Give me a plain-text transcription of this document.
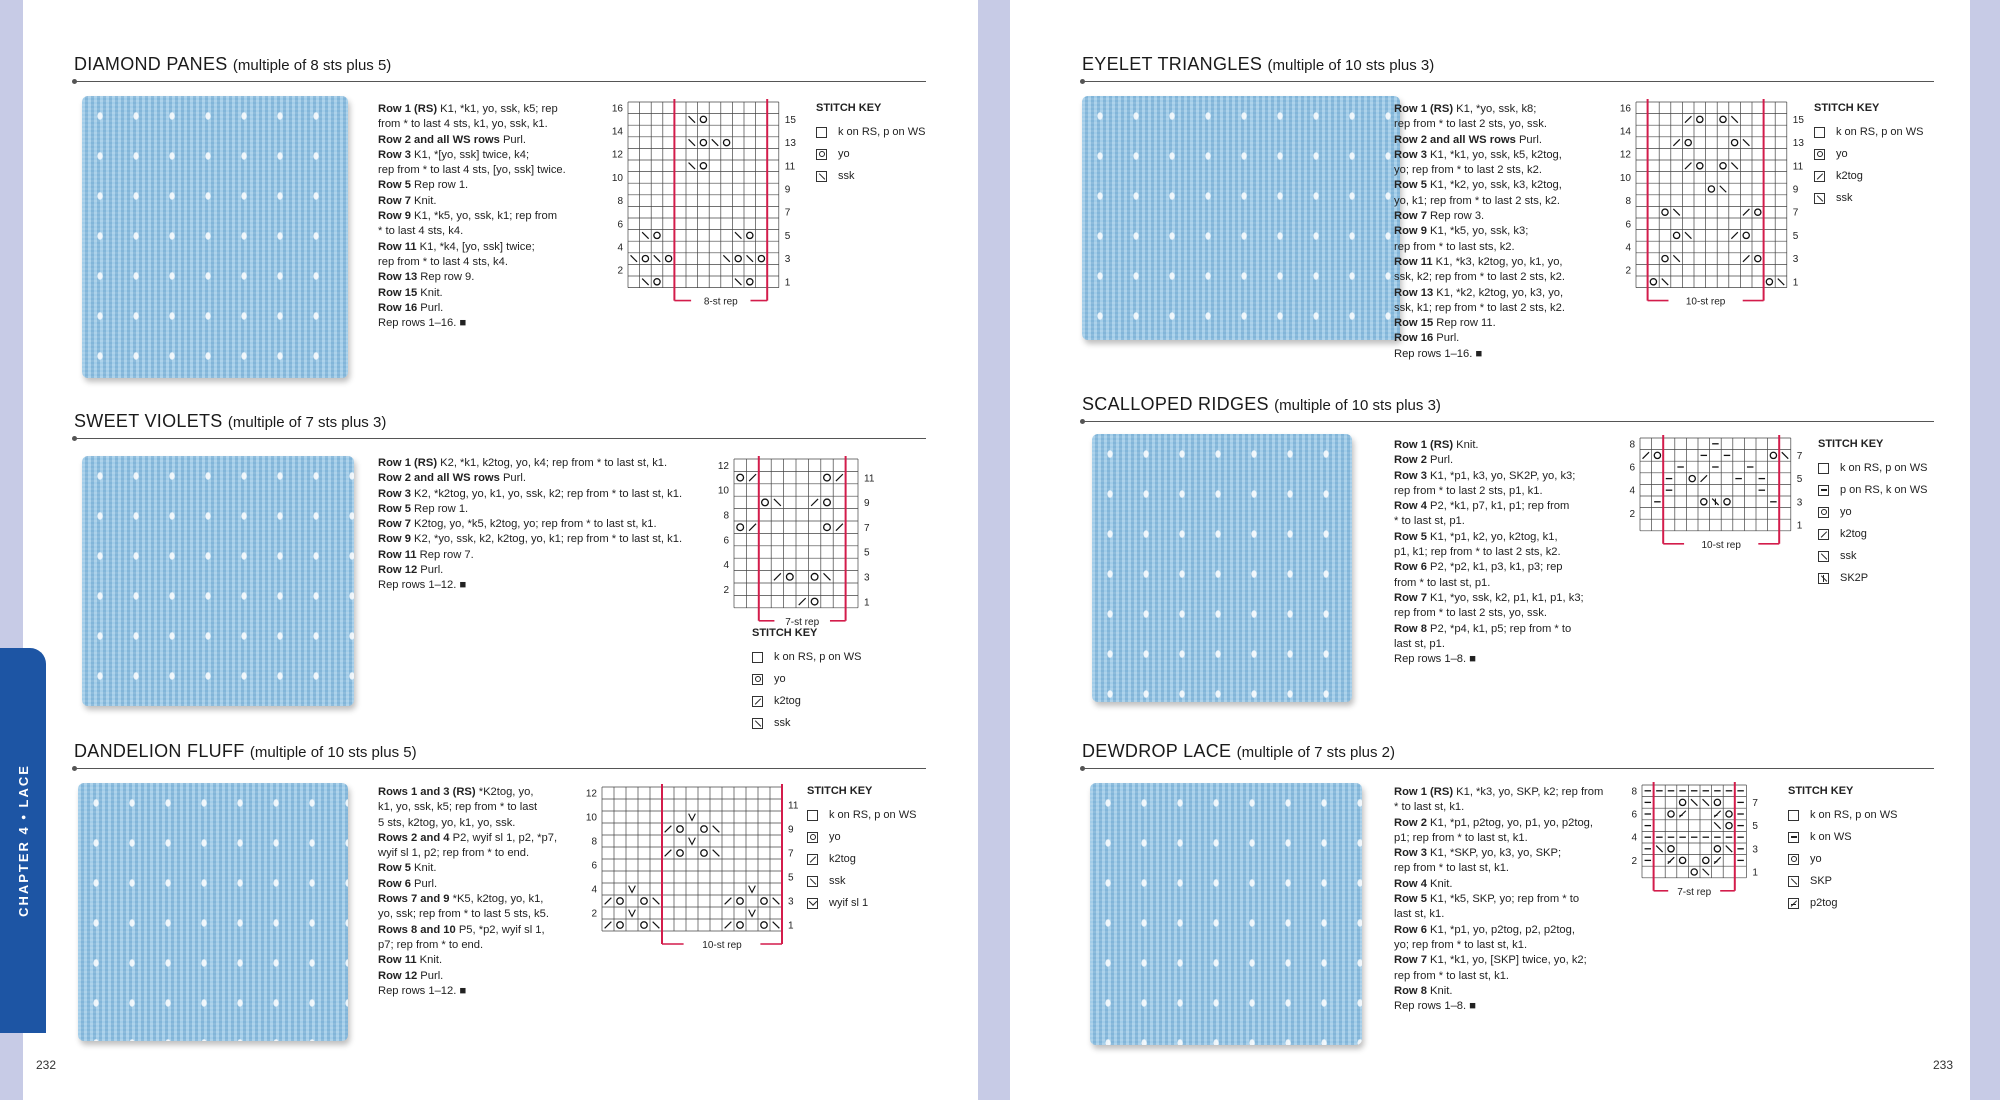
CHAPTER 4 • LACE
232	233
DIAMOND PANES (multiple of 8 sts plus 5)

Row 1 (RS) K1, *k1, yo, ssk, k5; rep

from * to last 4 sts, k1, yo, ssk, k1.

Row 2 and all WS rows Purl.

Row 3 K1, *[yo, ssk] twice, k4;

rep from * to last 4 sts, [yo, ssk] twice.

Row 5 Rep row 1.

Row 7 Knit.

Row 9 K1, *k5, yo, ssk, k1; rep from

* to last 4 sts, k4.

Row 11 K1, *k4, [yo, ssk] twice;

rep from * to last 4 sts, k4.

Row 13 Rep row 9.

Row 15 Knit.

Row 16 Purl.

Rep rows 1–16. ■

8-st rep
16
14
12
10
8
6
4
2
15
13
11
9
7
5
3
1
STITCH KEY
k on RS, p on WS
yo
ssk
SWEET VIOLETS (multiple of 7 sts plus 3)

Row 1 (RS) K2, *k1, k2tog, yo, k4; rep from * to last st, k1.

Row 2 and all WS rows Purl.

Row 3 K2, *k2tog, yo, k1, yo, ssk, k2; rep from * to last st, k1.

Row 5 Rep row 1.

Row 7 K2tog, yo, *k5, k2tog, yo; rep from * to last st, k1.

Row 9 K2, *yo, ssk, k2, k2tog, yo, k1; rep from * to last st, k1.

Row 11 Rep row 7.

Row 12 Purl.

Rep rows 1–12. ■

7-st rep
12
10
8
6
4
2
11
9
7
5
3
1
STITCH KEY
k on RS, p on WS
yo
k2tog
ssk
DANDELION FLUFF (multiple of 10 sts plus 5)

Rows 1 and 3 (RS) *K2tog, yo,

k1, yo, ssk, k5; rep from * to last

5 sts, k2tog, yo, k1, yo, ssk.

Rows 2 and 4 P2, wyif sl 1, p2, *p7,

wyif sl 1, p2; rep from * to end.

Row 5 Knit.

Row 6 Purl.

Rows 7 and 9 *K5, k2tog, yo, k1,

yo, ssk; rep from * to last 5 sts, k5.

Rows 8 and 10 P5, *p2, wyif sl 1,

p7; rep from * to end.

Row 11 Knit.

Row 12 Purl.

Rep rows 1–12. ■

10-st rep
12
10
8
6
4
2
11
9
7
5
3
1
STITCH KEY
k on RS, p on WS
yo
k2tog
ssk
wyif sl 1
EYELET TRIANGLES (multiple of 10 sts plus 3)

Row 1 (RS) K1, *yo, ssk, k8;

rep from * to last 2 sts, yo, ssk.

Row 2 and all WS rows Purl.

Row 3 K1, *k1, yo, ssk, k5, k2tog,

yo; rep from * to last 2 sts, k2.

Row 5 K1, *k2, yo, ssk, k3, k2tog,

yo, k1; rep from * to last 2 sts, k2.

Row 7 Rep row 3.

Row 9 K1, *k5, yo, ssk, k3;

rep from * to last sts, k2.

Row 11 K1, *k3, k2tog, yo, k1, yo,

ssk, k2; rep from * to last 2 sts, k2.

Row 13 K1, *k2, k2tog, yo, k3, yo,

ssk, k1; rep from * to last 2 sts, k2.

Row 15 Rep row 11.

Row 16 Purl.

Rep rows 1–16. ■

10-st rep
16
14
12
10
8
6
4
2
15
13
11
9
7
5
3
1
STITCH KEY
k on RS, p on WS
yo
k2tog
ssk
SCALLOPED RIDGES (multiple of 10 sts plus 3)

Row 1 (RS) Knit.

Row 2 Purl.

Row 3 K1, *p1, k3, yo, SK2P, yo, k3;

rep from * to last 2 sts, p1, k1.

Row 4 P2, *k1, p7, k1, p1; rep from

* to last st, p1.

Row 5 K1, *p1, k2, yo, k2tog, k1,

p1, k1; rep from * to last 2 sts, k2.

Row 6 P2, *p2, k1, p3, k1, p3; rep

from * to last st, p1.

Row 7 K1, *yo, ssk, k2, p1, k1, p1, k3;

rep from * to last 2 sts, yo, ssk.

Row 8 P2, *p4, k1, p5; rep from * to

last st, p1.

Rep rows 1–8. ■

10-st rep
8
6
4
2
7
5
3
1
STITCH KEY
k on RS, p on WS
p on RS, k on WS
yo
k2tog
ssk
SK2P
DEWDROP LACE (multiple of 7 sts plus 2)

Row 1 (RS) K1, *k3, yo, SKP, k2; rep from

* to last st, k1.

Row 2 K1, *p1, p2tog, yo, p1, yo, p2tog,

p1; rep from * to last st, k1.

Row 3 K1, *SKP, yo, k3, yo, SKP;

rep from * to last st, k1.

Row 4 Knit.

Row 5 K1, *k5, SKP, yo; rep from * to

last st, k1.

Row 6 K1, *p1, yo, p2tog, p2, p2tog,

yo; rep from * to last st, k1.

Row 7 K1, *k1, yo, [SKP] twice, yo, k2;

rep from * to last st, k1.

Row 8 Knit.

Rep rows 1–8. ■

7-st rep
8
6
4
2
7
5
3
1
STITCH KEY
k on RS, p on WS
k on WS
yo
SKP
p2tog
